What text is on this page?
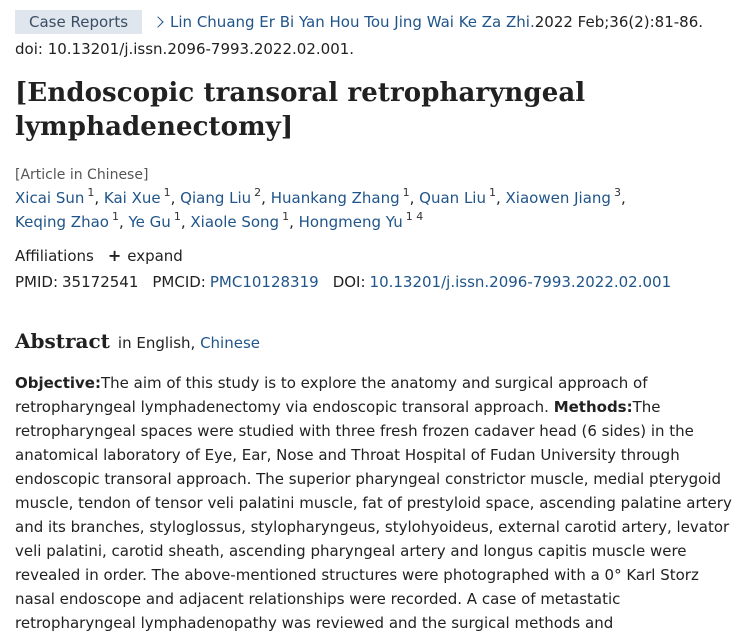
Case Reports	Lin Chuang Er Bi Yan Hou Tou Jing Wai Ke Za Zhi. 2022 Feb;36(2):81-86.
doi: 10.13201/j.issn.2096-7993.2022.02.001.
[Endoscopic transoral retropharyngeal lymphadenectomy]
[Article in Chinese]
Xicai Sun $^1$, Kai Xue $^1$, Qiang Liu $^2$, Huankang Zhang $^1$, Quan Liu $^1$, Xiaowen Jiang $^3$,
Keqing Zhao $^1$, Ye Gu $^1$, Xiaole Song $^1$, Hongmeng Yu $^{1 4}$
Affiliations + expand
PMID: 35172541 PMCID: PMC10128319 DOI: 10.13201/j.issn.2096-7993.2022.02.001
Abstract in English, Chinese
Objective:The aim of this study is to explore the anatomy and surgical approach of retropharyngeal lymphadenectomy via endoscopic transoral approach. Methods:The retropharyngeal spaces were studied with three fresh frozen cadaver head (6 sides) in the anatomical laboratory of Eye, Ear, Nose and Throat Hospital of Fudan University through endoscopic transoral approach. The superior pharyngeal constrictor muscle, medial pterygoid muscle, tendon of tensor veli palatini muscle, fat of prestyloid space, ascending palatine artery and its branches, styloglossus, stylopharyngeus, stylohyoideus, external carotid artery, levator veli palatini, carotid sheath, ascending pharyngeal artery and longus capitis muscle were revealed in order. The above-mentioned structures were photographed with a 0° Karl Storz nasal endoscope and adjacent relationships were recorded. A case of metastatic retropharyngeal lymphadenopathy was reviewed and the surgical methods and
